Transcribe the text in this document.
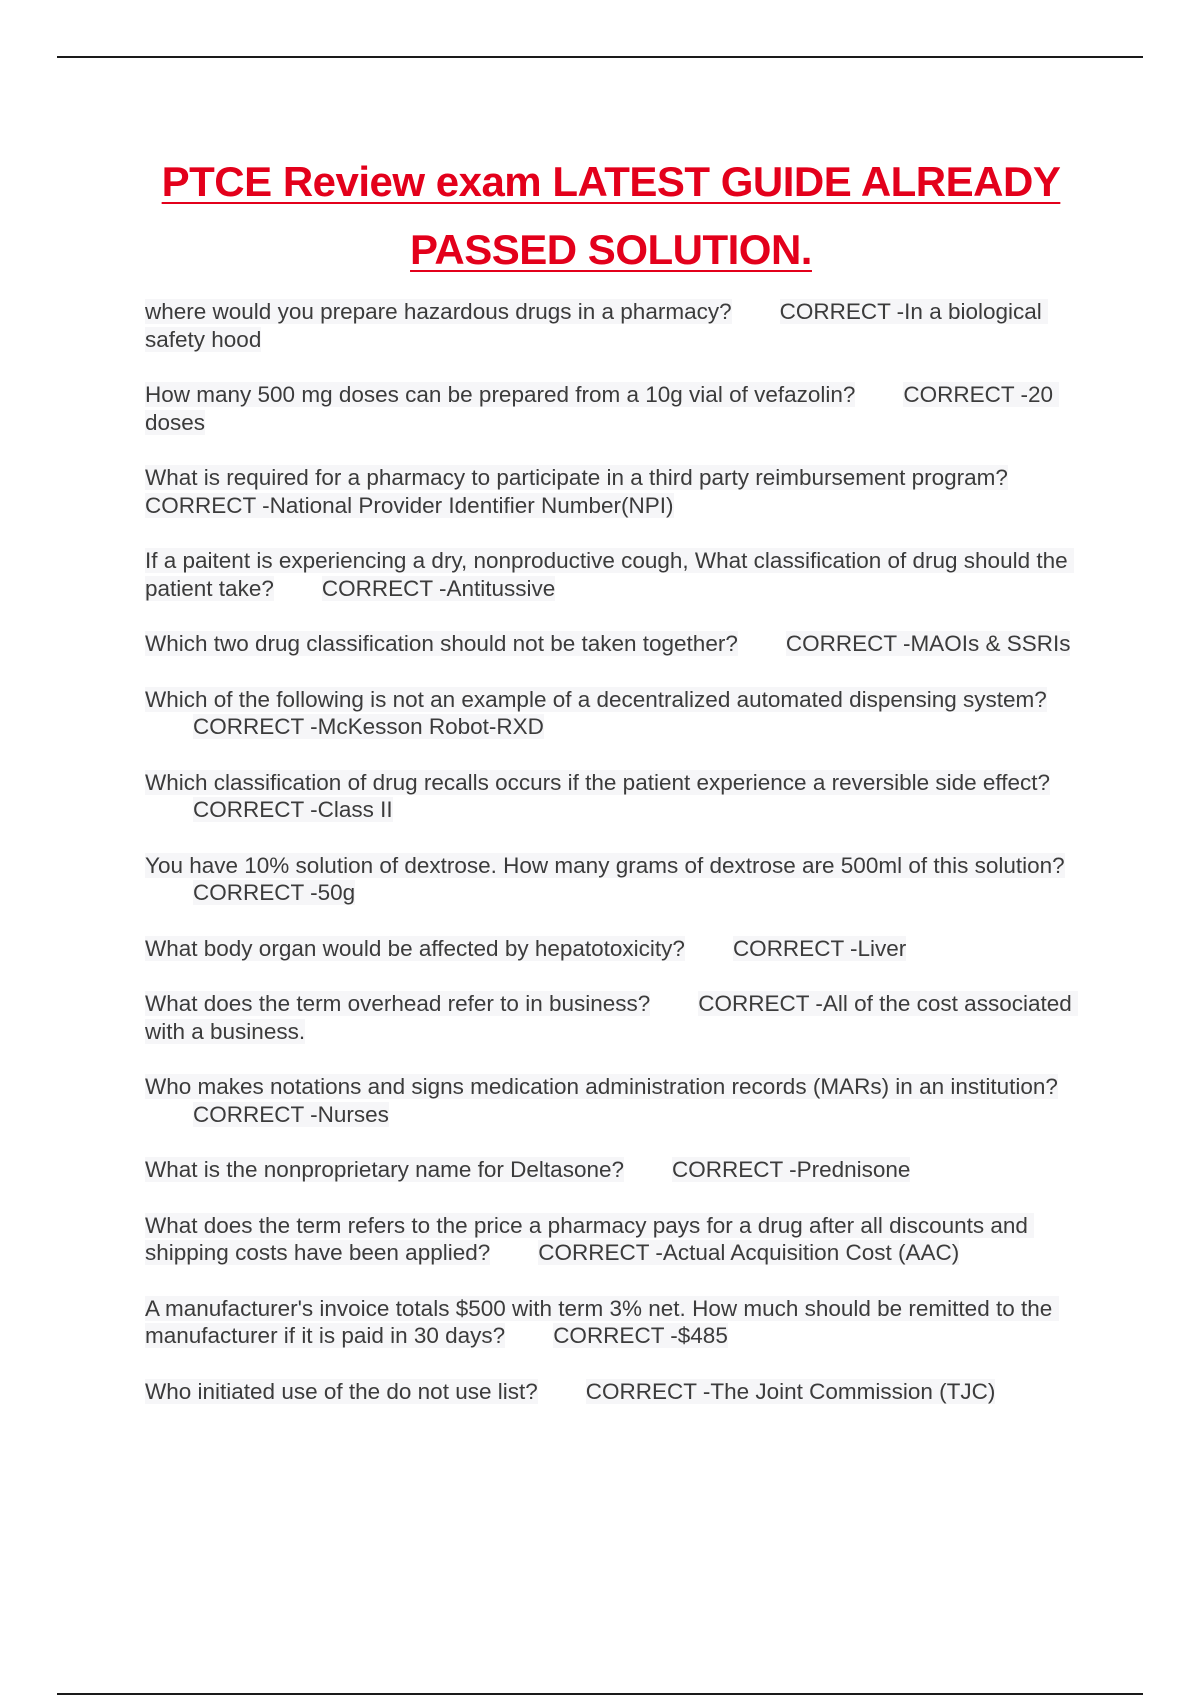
PTCE Review exam LATEST GUIDE ALREADY
PASSED SOLUTION.
where would you prepare hazardous drugs in a pharmacy? CORRECT -In a biological safety hood
How many 500 mg doses can be prepared from a 10g vial of vefazolin? CORRECT -20 doses
What is required for a pharmacy to participate in a third party reimbursement program?CORRECT -National Provider Identifier Number(NPI)
If a paitent is experiencing a dry, nonproductive cough, What classification of drug should the patient take? CORRECT -Antitussive
Which two drug classification should not be taken together? CORRECT -MAOIs & SSRIs
Which of the following is not an example of a decentralized automated dispensing system?CORRECT -McKesson Robot-RXD
Which classification of drug recalls occurs if the patient experience a reversible side effect?CORRECT -Class II
You have 10% solution of dextrose. How many grams of dextrose are 500ml of this solution?CORRECT -50g
What body organ would be affected by hepatotoxicity? CORRECT -Liver
What does the term overhead refer to in business? CORRECT -All of the cost associated with a business.
Who makes notations and signs medication administration records (MARs) in an institution?CORRECT -Nurses
What is the nonproprietary name for Deltasone? CORRECT -Prednisone
What does the term refers to the price a pharmacy pays for a drug after all discounts and shipping costs have been applied? CORRECT -Actual Acquisition Cost (AAC)
A manufacturer's invoice totals $500 with term 3% net. How much should be remitted to the manufacturer if it is paid in 30 days? CORRECT -$485
Who initiated use of the do not use list? CORRECT -The Joint Commission (TJC)
